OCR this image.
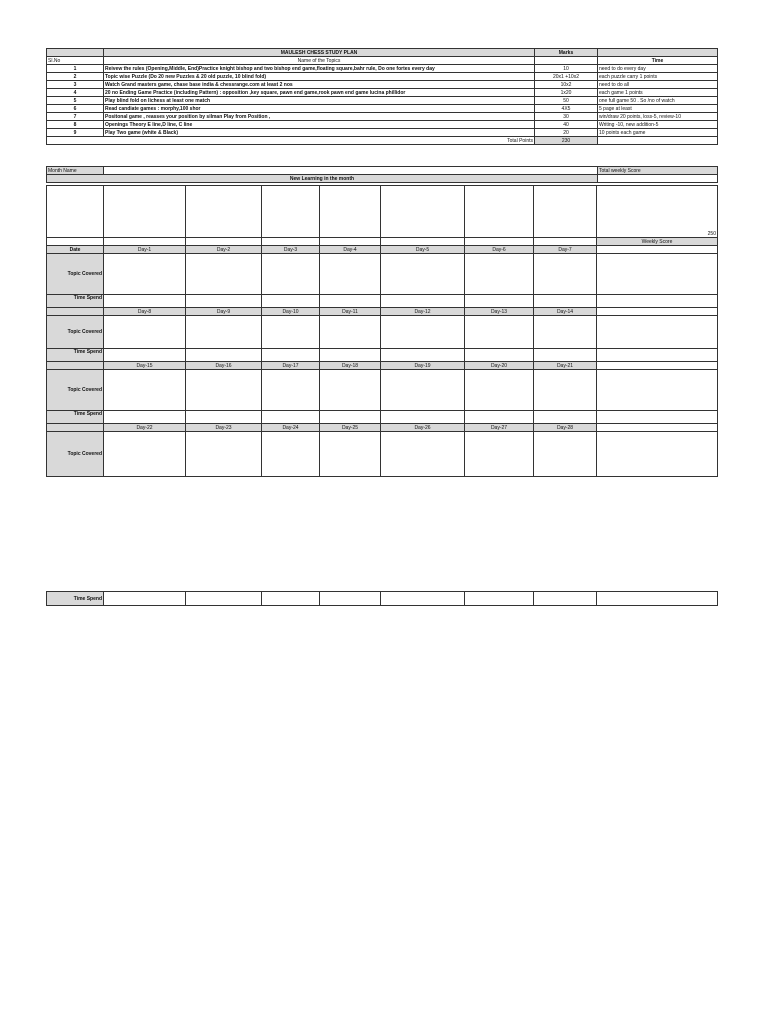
	MAULESH CHESS STUDY PLAN	Marks	
Sl.No	Name of the Topics		Time
1	Reivew the rules (Opening,Middle, End)Practice knight bishop and two bishop end game,floating square,bahr rule, Do one fortes every day	10	need to do every day
2	Topic wise Puzzle (Do 20 new Puzzles & 20 old puzzle, 10 blind fold)	20x1 +10x2	each puzzle carry 1 points
3	Watch Grand masters game, chase base india & chessrange.com at least 2 nos	10x2	need to do all
4	20 no Ending Game Practice (including Pattern) : opposition ,key square, pawn end game,rook pawn end game lucina phillidor	1x20	each game 1 points
5	Play blind fold on lichess at least one match	50	one full game 50 . So /no of watch
6	Read candiate games : morphy,100 shor	4X5	5 page at least
7	Positonal game , reasses your position by silman Play from Position ,	30	win/draw 20 points, loss-5, review-10
8	Openings Theory E line,D line, C line	40	Writing -10, new addition-5
9	Play Two game (white & Black)	20	10 points each game
	Total Points	230	
Month Name		Total weekly Score
New Learning in the month		
								250
								Weekly Score
Date	Day-1	Day-2	Day-3	Day-4	Day-5	Day-6	Day-7	
Topic Covered								
Time Spend								
	Day-8	Day-9	Day-10	Day-11	Day-12	Day-13	Day-14	
Topic Covered								
Time Spend								
	Day-15	Day-16	Day-17	Day-18	Day-19	Day-20	Day-21	
Topic Covered								
Time Spend								
	Day-22	Day-23	Day-24	Day-25	Day-26	Day-27	Day-28	
Topic Covered								
Time Spend								
